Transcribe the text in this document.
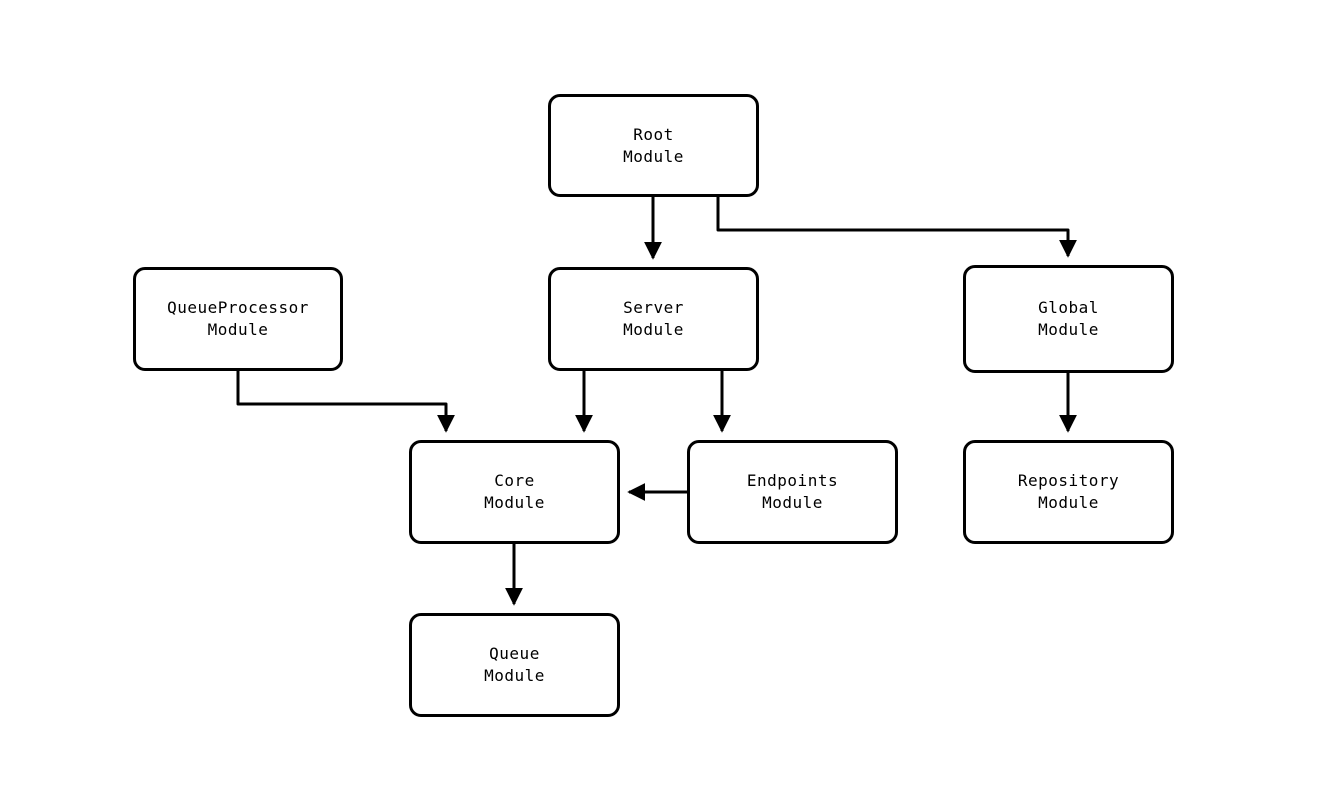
Root
Module
QueueProcessor
Module
Server
Module
Global
Module
Core
Module
Endpoints
Module
Repository
Module
Queue
Module
